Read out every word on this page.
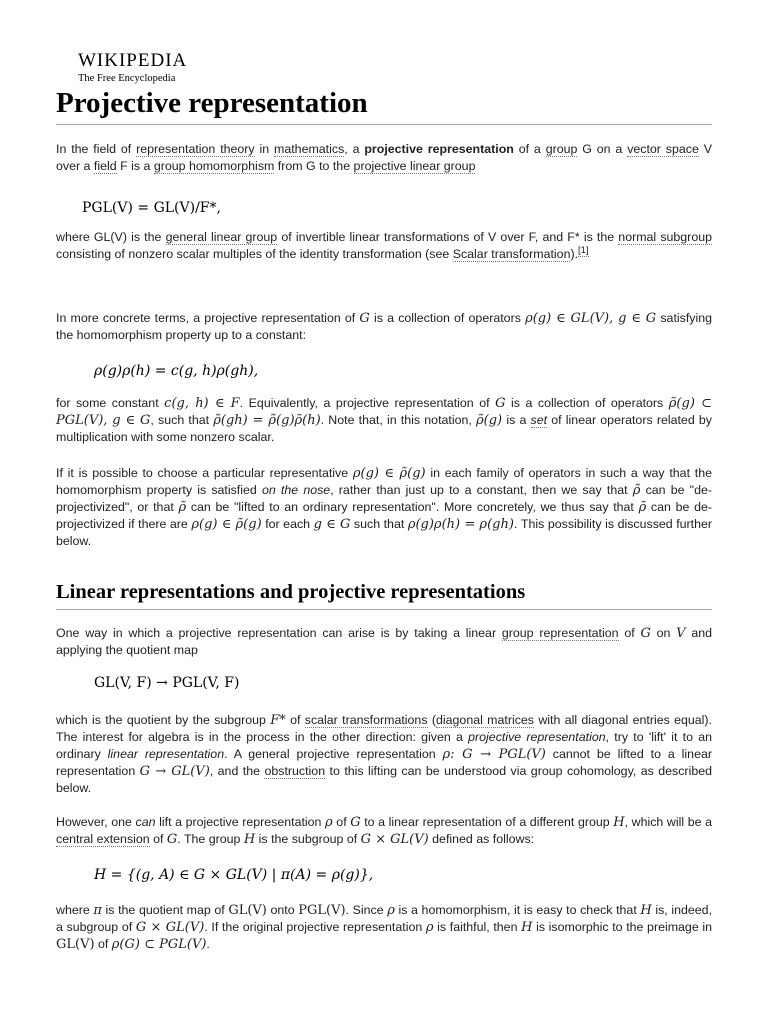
WIKIPEDIA
The Free Encyclopedia
Projective representation

In the field of representation theory in mathematics, a projective representation of a group G on a vector space V over a field F is a group homomorphism from G to the projective linear group

PGL(V) = GL(V)/F*,

where GL(V) is the general linear group of invertible linear transformations of V over F, and F* is the normal subgroup consisting of nonzero scalar multiples of the identity transformation (see Scalar transformation).[1]

In more concrete terms, a projective representation of G is a collection of operators ρ(g) ∈ GL(V), g ∈ G satisfying the homomorphism property up to a constant:

ρ(g)ρ(h) = c(g, h)ρ(gh),

for some constant c(g, h) ∈ F. Equivalently, a projective representation of G is a collection of operators ρ̃(g) ⊂ PGL(V), g ∈ G, such that ρ̃(gh) = ρ̃(g)ρ̃(h). Note that, in this notation, ρ̃(g) is a set of linear operators related by multiplication with some nonzero scalar.

If it is possible to choose a particular representative ρ(g) ∈ ρ̃(g) in each family of operators in such a way that the homomorphism property is satisfied on the nose, rather than just up to a constant, then we say that ρ̃ can be "de-projectivized", or that ρ̃ can be "lifted to an ordinary representation". More concretely, we thus say that ρ̃ can be de-projectivized if there are ρ(g) ∈ ρ̃(g) for each g ∈ G such that ρ(g)ρ(h) = ρ(gh). This possibility is discussed further below.

Linear representations and projective representations

One way in which a projective representation can arise is by taking a linear group representation of G on V and applying the quotient map

GL(V, F) → PGL(V, F)

which is the quotient by the subgroup F* of scalar transformations (diagonal matrices with all diagonal entries equal). The interest for algebra is in the process in the other direction: given a projective representation, try to 'lift' it to an ordinary linear representation. A general projective representation ρ: G → PGL(V) cannot be lifted to a linear representation G → GL(V), and the obstruction to this lifting can be understood via group cohomology, as described below.

However, one can lift a projective representation ρ of G to a linear representation of a different group H, which will be a central extension of G. The group H is the subgroup of G × GL(V) defined as follows:

H = {(g, A) ∈ G × GL(V) | π(A) = ρ(g)},

where π is the quotient map of GL(V) onto PGL(V). Since ρ is a homomorphism, it is easy to check that H is, indeed, a subgroup of G × GL(V). If the original projective representation ρ is faithful, then H is isomorphic to the preimage in GL(V) of ρ(G) ⊂ PGL(V).
